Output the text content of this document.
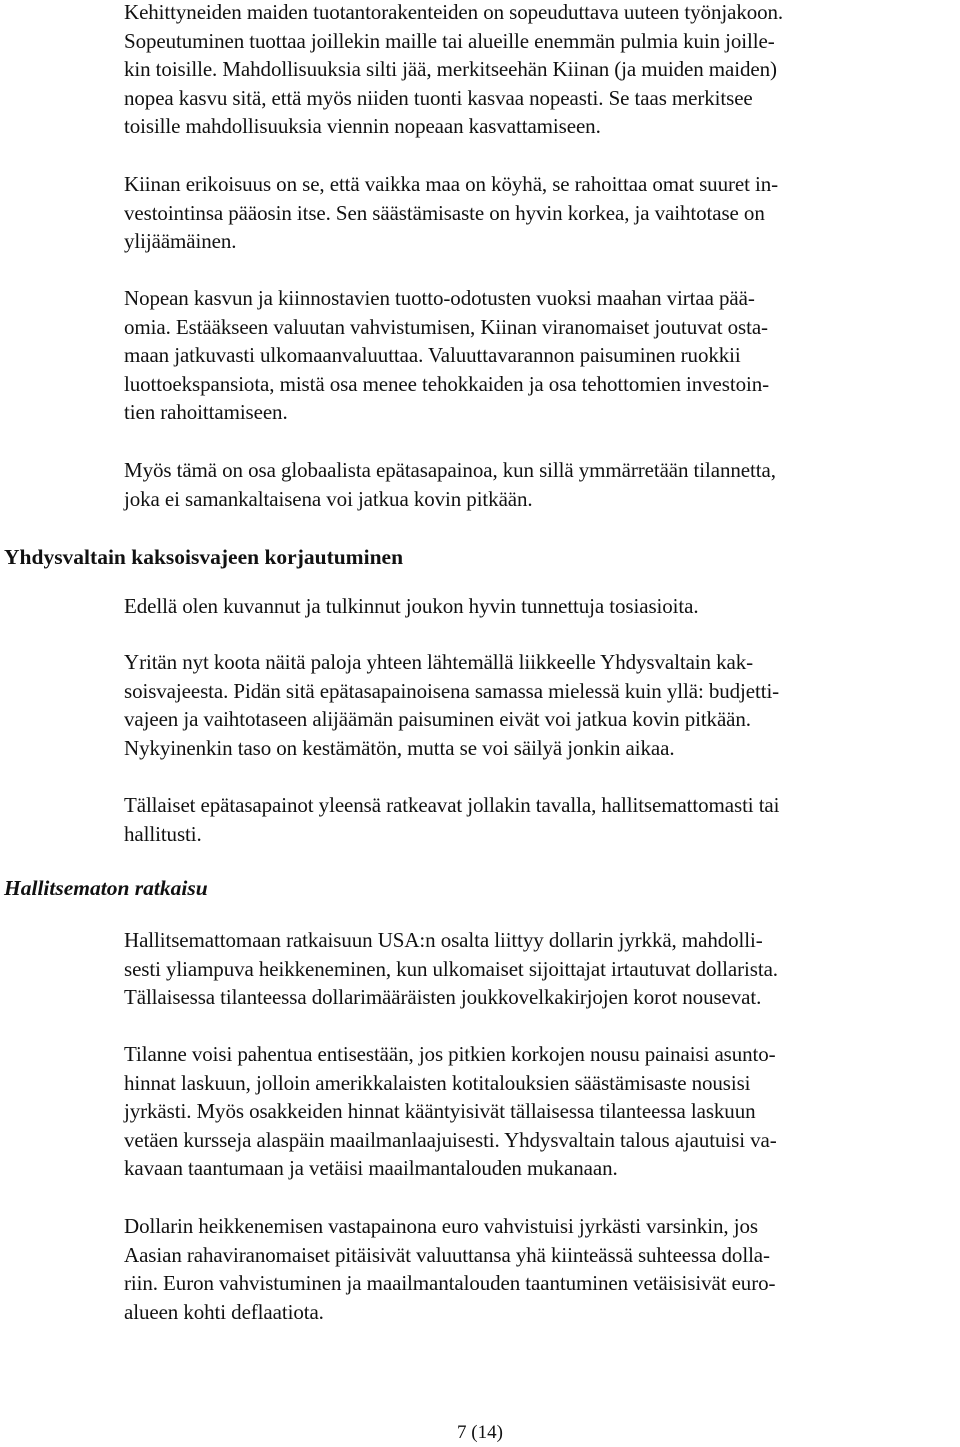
Kehittyneiden maiden tuotantorakenteiden on sopeuduttava uuteen työnjakoon.
Sopeutuminen tuottaa joillekin maille tai alueille enemmän pulmia kuin joille-
kin toisille. Mahdollisuuksia silti jää, merkitseehän Kiinan (ja muiden maiden)
nopea kasvu sitä, että myös niiden tuonti kasvaa nopeasti. Se taas merkitsee
toisille mahdollisuuksia viennin nopeaan kasvattamiseen.

Kiinan erikoisuus on se, että vaikka maa on köyhä, se rahoittaa omat suuret in-
vestointinsa pääosin itse. Sen säästämisaste on hyvin korkea, ja vaihtotase on
ylijäämäinen.

Nopean kasvun ja kiinnostavien tuotto-odotusten vuoksi maahan virtaa pää-
omia. Estääkseen valuutan vahvistumisen, Kiinan viranomaiset joutuvat osta-
maan jatkuvasti ulkomaanvaluuttaa. Valuuttavarannon paisuminen ruokkii
luottoekspansiota, mistä osa menee tehokkaiden ja osa tehottomien investoin-
tien rahoittamiseen.

Myös tämä on osa globaalista epätasapainoa, kun sillä ymmärretään tilannetta,
joka ei samankaltaisena voi jatkua kovin pitkään.

Yhdysvaltain kaksoisvajeen korjautuminen

Edellä olen kuvannut ja tulkinnut joukon hyvin tunnettuja tosiasioita.

Yritän nyt koota näitä paloja yhteen lähtemällä liikkeelle Yhdysvaltain kak-
soisvajeesta. Pidän sitä epätasapainoisena samassa mielessä kuin yllä: budjetti-
vajeen ja vaihtotaseen alijäämän paisuminen eivät voi jatkua kovin pitkään.
Nykyinenkin taso on kestämätön, mutta se voi säilyä jonkin aikaa.

Tällaiset epätasapainot yleensä ratkeavat jollakin tavalla, hallitsemattomasti tai
hallitusti.

Hallitsematon ratkaisu

Hallitsemattomaan ratkaisuun USA:n osalta liittyy dollarin jyrkkä, mahdolli-
sesti yliampuva heikkeneminen, kun ulkomaiset sijoittajat irtautuvat dollarista.
Tällaisessa tilanteessa dollarimääräisten joukkovelkakirjojen korot nousevat.

Tilanne voisi pahentua entisestään, jos pitkien korkojen nousu painaisi asunto-
hinnat laskuun, jolloin amerikkalaisten kotitalouksien säästämisaste nousisi
jyrkästi. Myös osakkeiden hinnat kääntyisivät tällaisessa tilanteessa laskuun
vetäen kursseja alaspäin maailmanlaajuisesti. Yhdysvaltain talous ajautuisi va-
kavaan taantumaan ja vetäisi maailmantalouden mukanaan.

Dollarin heikkenemisen vastapainona euro vahvistuisi jyrkästi varsinkin, jos
Aasian rahaviranomaiset pitäisivät valuuttansa yhä kiinteässä suhteessa dolla-
riin. Euron vahvistuminen ja maailmantalouden taantuminen vetäisisivät euro-
alueen kohti deflaatiota.

7 (14)
